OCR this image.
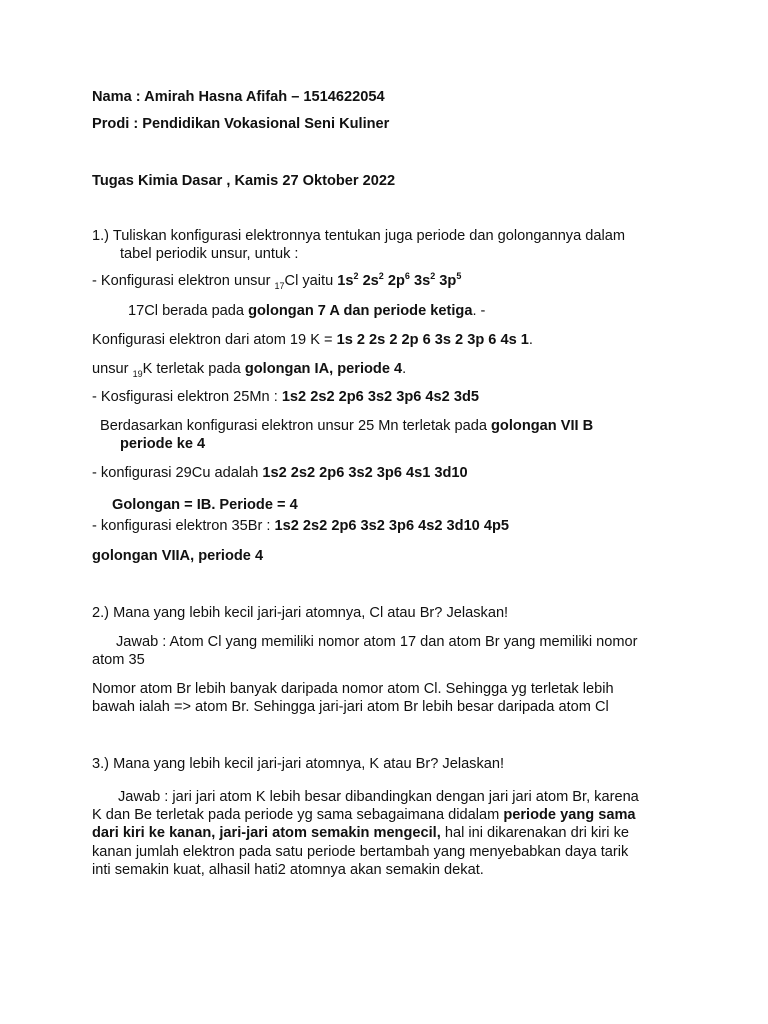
Nama : Amirah Hasna Afifah – 1514622054
Prodi : Pendidikan Vokasional Seni Kuliner
Tugas Kimia Dasar , Kamis 27 Oktober 2022
1.) Tuliskan konfigurasi elektronnya tentukan juga periode dan golongannya dalam
tabel periodik unsur, untuk :
- Konfigurasi elektron unsur $_{17}$Cl yaitu $1s^2$ $2s^2$ $2p^6$ $3s^2$ $3p^5$
17Cl berada pada golongan 7 A dan periode ketiga. -
Konfigurasi elektron dari atom 19 K = 1s 2 2s 2 2p 6 3s 2 3p 6 4s 1.
unsur $_{19}$K terletak pada golongan IA, periode 4.
- Kosfigurasi elektron 25Mn : 1s2 2s2 2p6 3s2 3p6 4s2 3d5
Berdasarkan konfigurasi elektron unsur 25 Mn terletak pada golongan VII B
periode ke 4
- konfigurasi 29Cu adalah 1s2 2s2 2p6 3s2 3p6 4s1 3d10
Golongan = IB. Periode = 4
- konfigurasi elektron 35Br : 1s2 2s2 2p6 3s2 3p6 4s2 3d10 4p5
golongan VIIA, periode 4
2.) Mana yang lebih kecil jari-jari atomnya, Cl atau Br? Jelaskan!
Jawab : Atom Cl yang memiliki nomor atom 17 dan atom Br yang memiliki nomor
atom 35
Nomor atom Br lebih banyak daripada nomor atom Cl. Sehingga yg terletak lebih
bawah ialah => atom Br. Sehingga jari-jari atom Br lebih besar daripada atom Cl
3.) Mana yang lebih kecil jari-jari atomnya, K atau Br? Jelaskan!
Jawab : jari jari atom K lebih besar dibandingkan dengan jari jari atom Br, karena
K dan Be terletak pada periode yg sama sebagaimana didalam periode yang sama
dari kiri ke kanan, jari-jari atom semakin mengecil, hal ini dikarenakan dri kiri ke
kanan jumlah elektron pada satu periode bertambah yang menyebabkan daya tarik
inti semakin kuat, alhasil hati2 atomnya akan semakin dekat.
